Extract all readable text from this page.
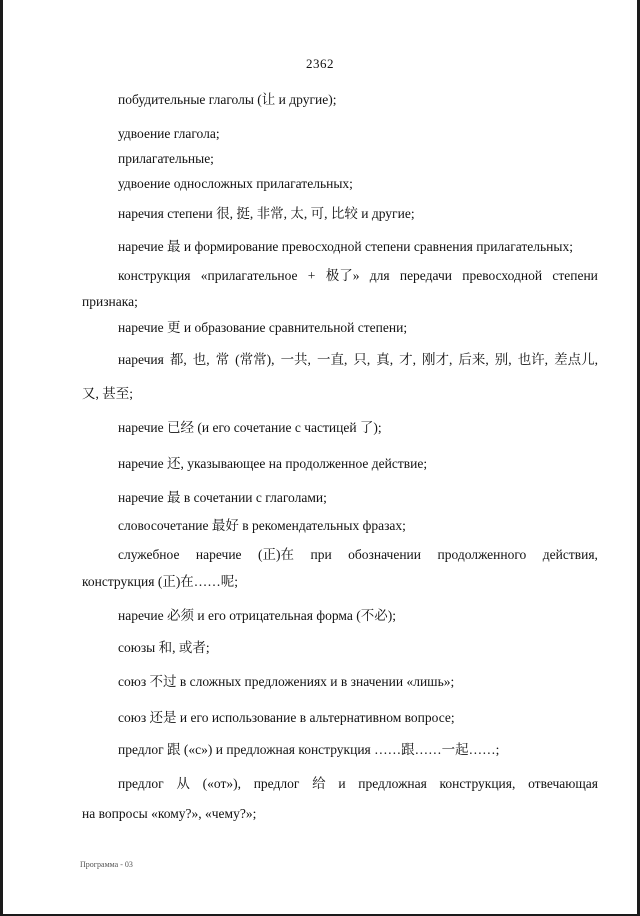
2362
побудительные глаголы (让 и другие);
удвоение глагола;
прилагательные;
удвоение односложных прилагательных;
наречия степени 很, 挺, 非常, 太, 可, 比较 и другие;
наречие 最 и формирование превосходной степени сравнения прилагательных;
конструкция «прилагательное + 极了» для передачи превосходной степени
признака;
наречие 更 и образование сравнительной степени;
наречия 都, 也, 常 (常常), 一共, 一直, 只, 真, 才, 刚才, 后来, 别, 也许, 差点儿,
又, 甚至;
наречие 已经 (и его сочетание с частицей 了);
наречие 还, указывающее на продолженное действие;
наречие 最 в сочетании с глаголами;
словосочетание 最好 в рекомендательных фразах;
служебное наречие (正)在 при обозначении продолженного действия,
конструкция (正)在……呢;
наречие 必须 и его отрицательная форма (不必);
союзы 和, 或者;
союз 不过 в сложных предложениях и в значении «лишь»;
союз 还是 и его использование в альтернативном вопросе;
предлог 跟 («с») и предложная конструкция ……跟……一起……;
предлог 从 («от»), предлог 给 и предложная конструкция, отвечающая
на вопросы «кому?», «чему?»;
Программа - 03
